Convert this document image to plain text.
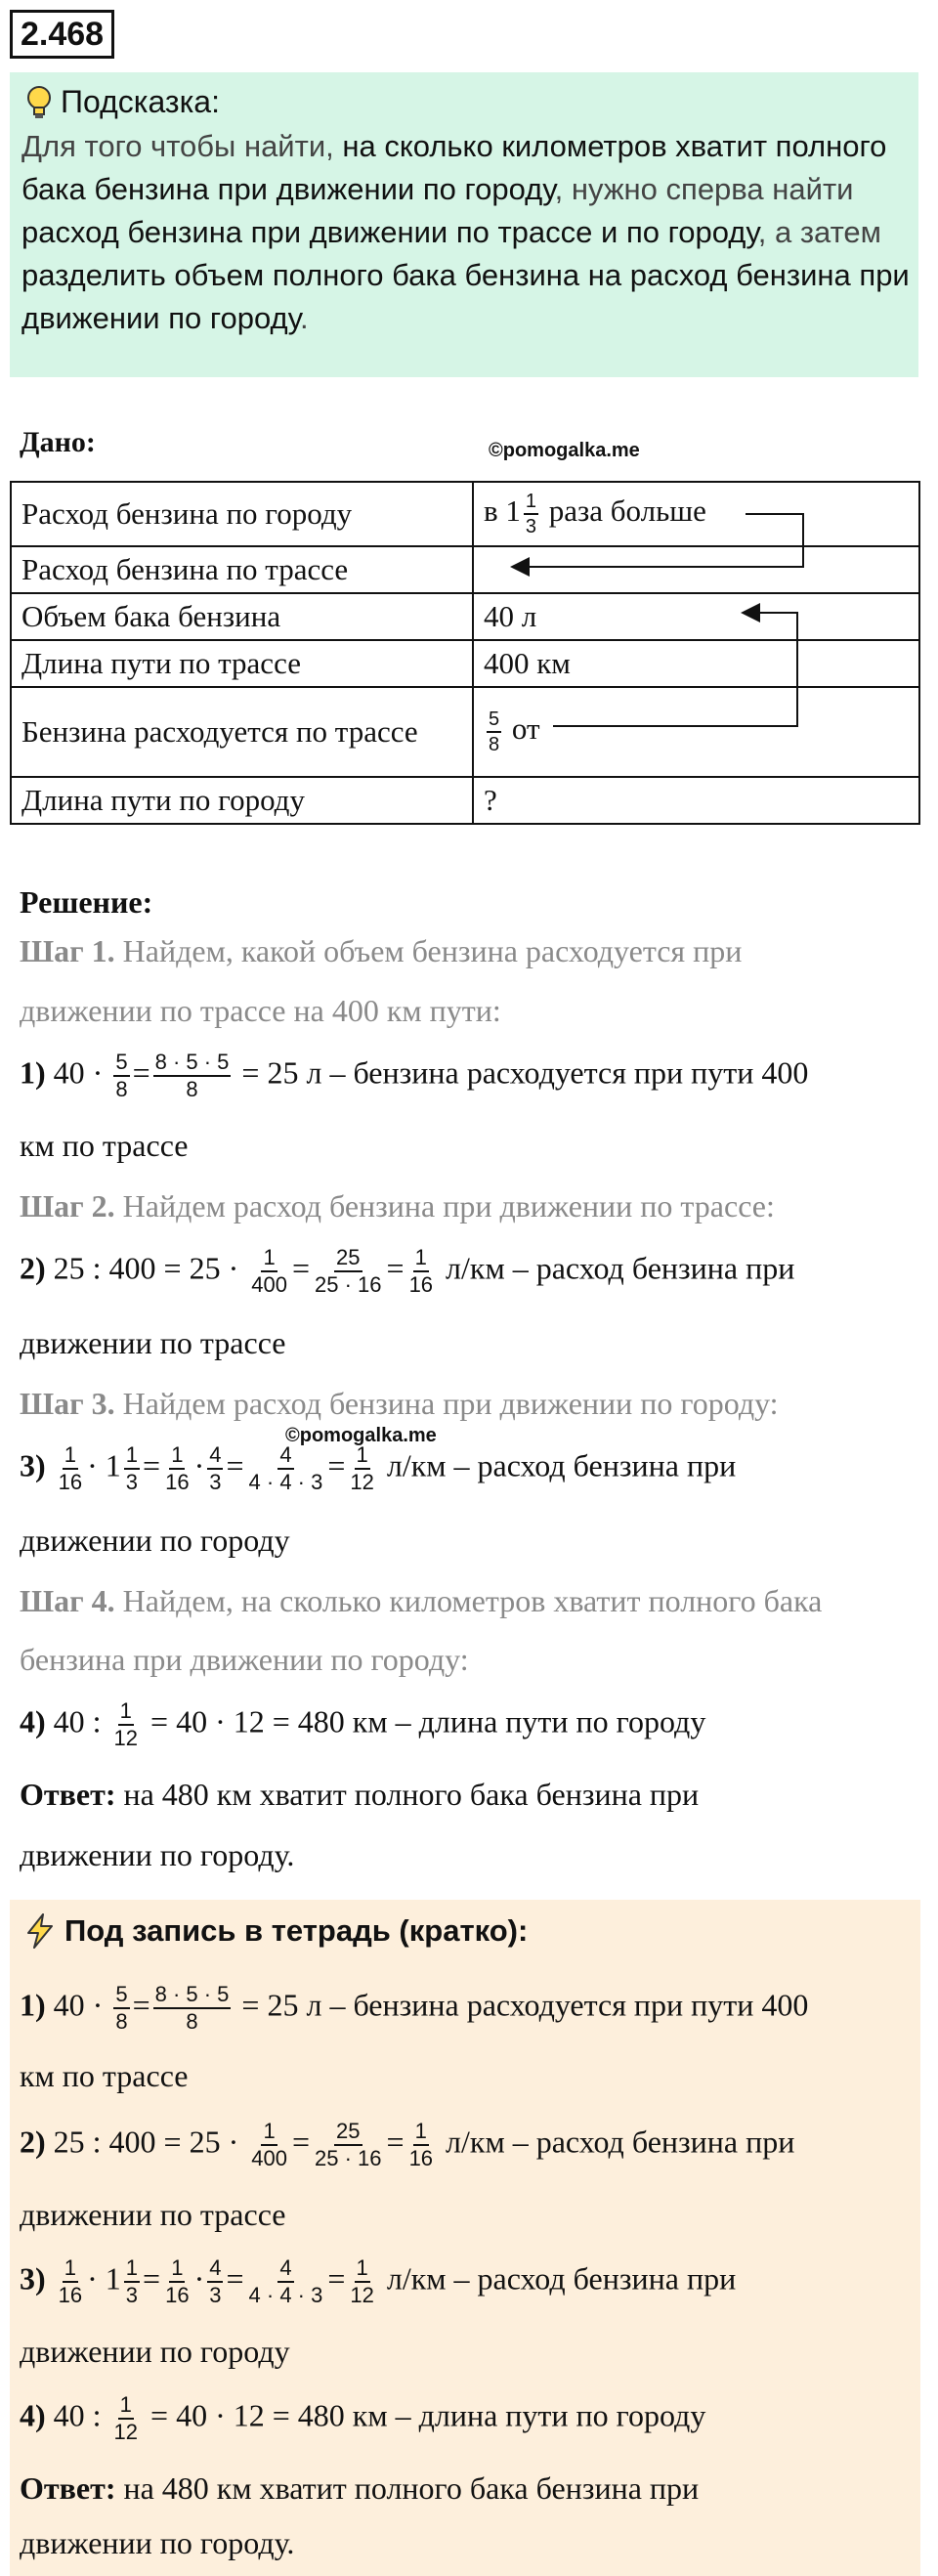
2.468
Подсказка:
Для того чтобы найти, на сколько километров хватит полного бака бензина при движении по городу, нужно сперва найти расход бензина при движении по трассе и по городу, а затем разделить объем полного бака бензина на расход бензина при движении по городу.
Дано:	©pomogalka.me
Расход бензина по городу	в $1 \frac{1}{3}$ раза больше
Расход бензина по трассе	
Объем бака бензина	40 л
Длина пути по трассе	400 км
Бензина расходуется по трассе	$\frac{5}{8}$ от
Длина пути по городу	?
Решение:
Шаг 1. Найдем, какой объем бензина расходуется при
движении по трассе на 400 км пути:
1) $40 \cdot \frac{5}{8} = \frac{8 \cdot 5 \cdot 5}{8} = 25$ л – бензина расходуется при пути 400
км по трассе
Шаг 2. Найдем расход бензина при движении по трассе:
2) 25 : $400 = 25 \cdot \frac{1}{400} = \frac{25}{25 \cdot 16} = \frac{1}{16} л/км$ – расход бензина при
движении по трассе
Шаг 3. Найдем расход бензина при движении по городу:
©pomogalka.me
$3) \frac{1}{16} \cdot 1 \frac{1}{3} = \frac{1}{16} \cdot \frac{4}{3} = \frac{4}{4 \cdot 4 \cdot 3} = \frac{1}{12} л/км$ – расход бензина при
движении по городу
Шаг 4. Найдем, на сколько километров хватит полного бака
бензина при движении по городу:
4) 40 : $\frac{1}{12} = 40 \cdot 12 = 480$ км – длина пути по городу
Ответ: на 480 км хватит полного бака бензина при
движении по городу.
Под запись в тетрадь (кратко):
1) $40 \cdot \frac{5}{8} = \frac{8 \cdot 5 \cdot 5}{8} = 25$ л – бензина расходуется при пути 400
км по трассе
2) 25 : $400 = 25 \cdot \frac{1}{400} = \frac{25}{25 \cdot 16} = \frac{1}{16} л/км$ – расход бензина при
движении по трассе
$3) \frac{1}{16} \cdot 1 \frac{1}{3} = \frac{1}{16} \cdot \frac{4}{3} = \frac{4}{4 \cdot 4 \cdot 3} = \frac{1}{12} л/км$ – расход бензина при
движении по городу
4) 40 : $\frac{1}{12} = 40 \cdot 12 = 480$ км – длина пути по городу
Ответ: на 480 км хватит полного бака бензина при
движении по городу.
